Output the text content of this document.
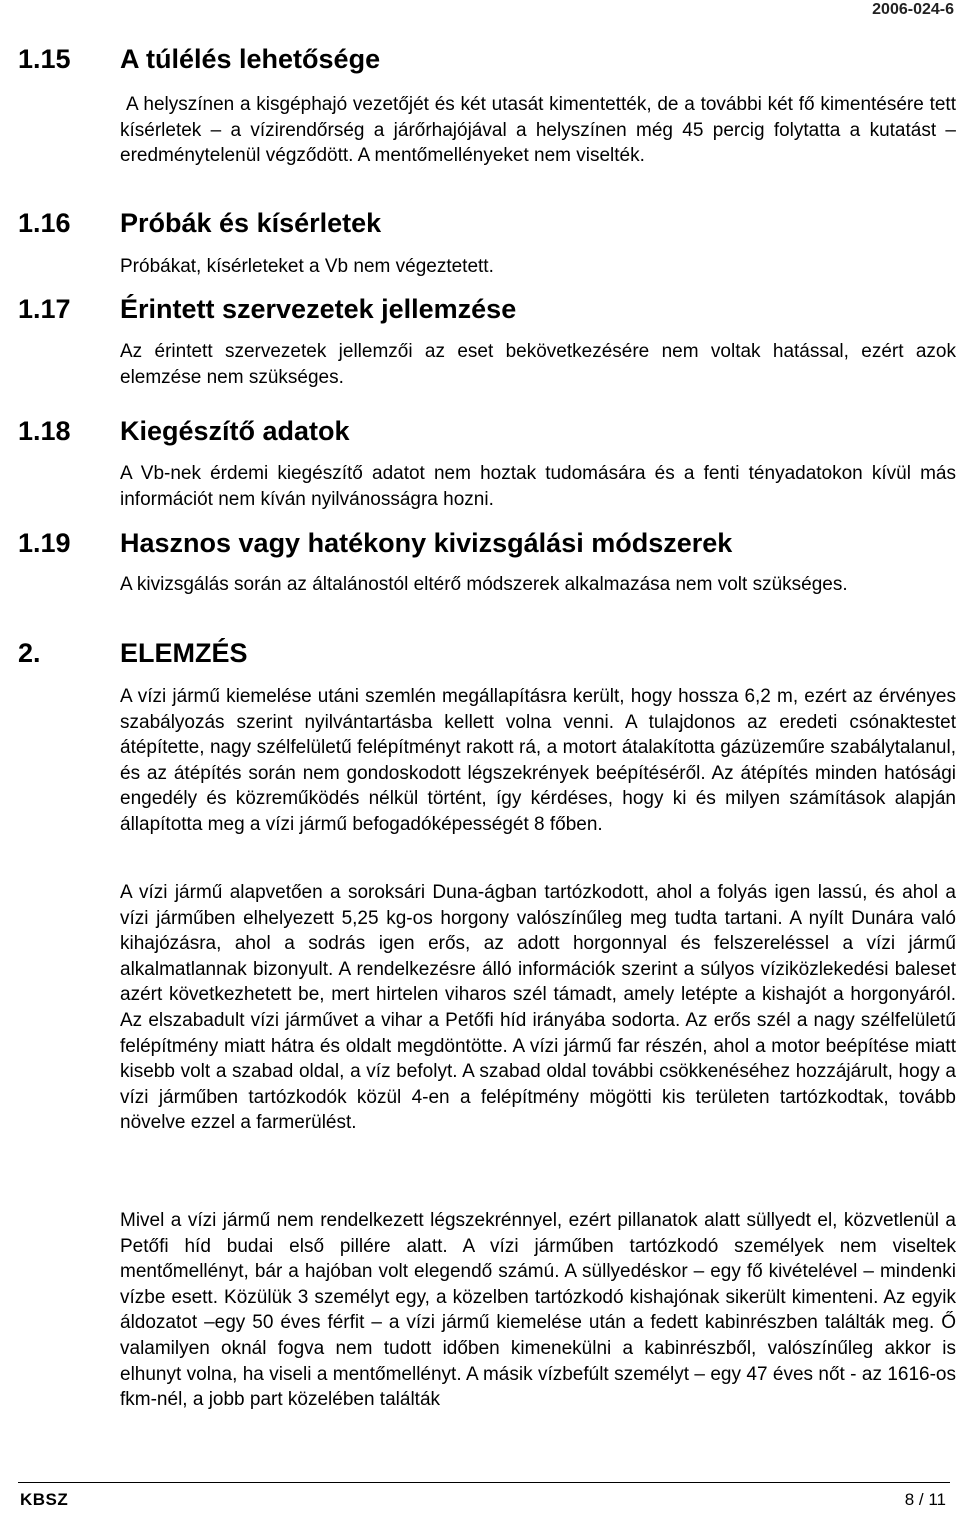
2006-024-6
1.15 A túlélés lehetősége
A helyszínen a kisgéphajó vezetőjét és két utasát kimentették, de a további két fő kimentésére tett kísérletek – a vízirendőrség a járőrhajójával a helyszínen még 45 percig folytatta a kutatást – eredménytelenül végződött. A mentőmellényeket nem viselték.
1.16 Próbák és kísérletek
Próbákat, kísérleteket a Vb nem végeztetett.
1.17 Érintett szervezetek jellemzése
Az érintett szervezetek jellemzői az eset bekövetkezésére nem voltak hatással, ezért azok elemzése nem szükséges.
1.18 Kiegészítő adatok
A Vb-nek érdemi kiegészítő adatot nem hoztak tudomására és a fenti tényadatokon kívül más információt nem kíván nyilvánosságra hozni.
1.19 Hasznos vagy hatékony kivizsgálási módszerek
A kivizsgálás során az általánostól eltérő módszerek alkalmazása nem volt szükséges.
2.	ELEMZÉS
A vízi jármű kiemelése utáni szemlén megállapításra került, hogy hossza 6,2 m, ezért az érvényes szabályozás szerint nyilvántartásba kellett volna venni. A tulajdonos az eredeti csónaktestet átépítette, nagy szélfelületű felépítményt rakott rá, a motort átalakította gázüzeműre szabálytalanul, és az átépítés során nem gondoskodott légszekrények beépítéséről. Az átépítés minden hatósági engedély és közreműködés nélkül történt, így kérdéses, hogy ki és milyen számítások alapján állapította meg a vízi jármű befogadóképességét 8 főben.
A vízi jármű alapvetően a soroksári Duna-ágban tartózkodott, ahol a folyás igen lassú, és ahol a vízi járműben elhelyezett 5,25 kg-os horgony valószínűleg meg tudta tartani. A nyílt Dunára való kihajózásra, ahol a sodrás igen erős, az adott horgonnyal és felszereléssel a vízi jármű alkalmatlannak bizonyult. A rendelkezésre álló információk szerint a súlyos víziközlekedési baleset azért következhetett be, mert hirtelen viharos szél támadt, amely letépte a kishajót a horgonyáról. Az elszabadult vízi járművet a vihar a Petőfi híd irányába sodorta. Az erős szél a nagy szélfelületű felépítmény miatt hátra és oldalt megdöntötte. A vízi jármű far részén, ahol a motor beépítése miatt kisebb volt a szabad oldal, a víz befolyt. A szabad oldal további csökkenéséhez hozzájárult, hogy a vízi járműben tartózkodók közül 4-en a felépítmény mögötti kis területen tartózkodtak, tovább növelve ezzel a farmerülést.
Mivel a vízi jármű nem rendelkezett légszekrénnyel, ezért pillanatok alatt süllyedt el, közvetlenül a Petőfi híd budai első pillére alatt. A vízi járműben tartózkodó személyek nem viseltek mentőmellényt, bár a hajóban volt elegendő számú. A süllyedéskor – egy fő kivételével – mindenki vízbe esett. Közülük 3 személyt egy, a közelben tartózkodó kishajónak sikerült kimenteni. Az egyik áldozatot –egy 50 éves férfit – a vízi jármű kiemelése után a fedett kabinrészben találták meg. Ő valamilyen oknál fogva nem tudott időben kimenekülni a kabinrészből, valószínűleg akkor is elhunyt volna, ha viseli a mentőmellényt. A másik vízbefúlt személyt – egy 47 éves nőt - az 1616-os fkm-nél, a jobb part közelében találták
KBSZ	8 / 11
